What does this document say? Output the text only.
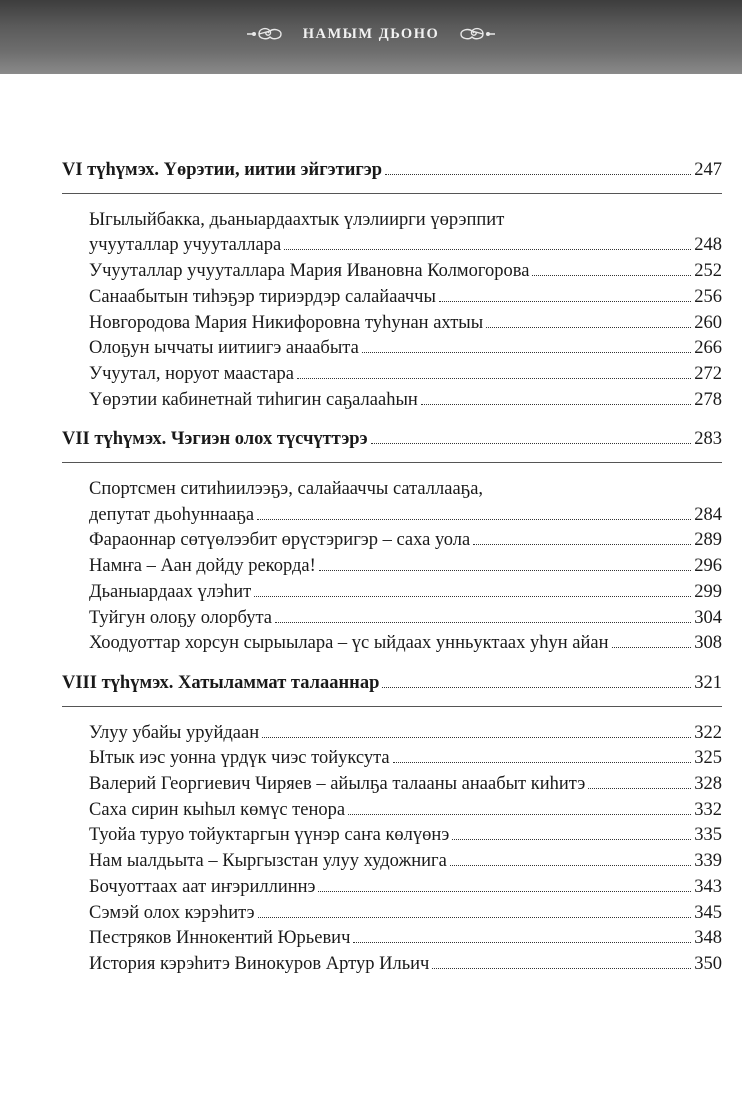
НАМЫМ ДЬОНО
VI түһүмэх. Үөрэтии, иитии эйгэтигэр	247
Ыгылыйбакка, дьаныардаахтык үлэлиирги үөрэппит
учууталлар учууталлара	248
Учууталлар учууталлара Мария Ивановна Колмогорова	252
Санаабытын тиһэҕэр тириэрдэр салайааччы	256
Новгородова Мария Никифоровна туһунан ахтыы	260
Олоҕун ыччаты иитиигэ анаабыта	266
Учуутал, норуот маастара	272
Үөрэтии кабинетнай тиһигин саҕалааһын	278
VII түһүмэх. Чэгиэн олох түсчүттэрэ	283
Спортсмен ситиһиилээҕэ, салайааччы саталлааҕа,
депутат дьоһуннааҕа	284
Фараоннар сөтүөлээбит өрүстэригэр – саха уола	289
Намҥа – Аан дойду рекорда!	296
Дьаныардаах үлэһит	299
Туйгун олоҕу олорбута	304
Хоодуоттар хорсун сырыылара – үс ыйдаах унньуктаах уһун айан	308
VIII түһүмэх. Хатыламмат талааннар	321
Улуу убайы уруйдаан	322
Ытык иэс уонна үрдүк чиэс тойуксута	325
Валерий Георгиевич Чиряев – айылҕа талааны анаабыт киһитэ	328
Саха сирин кыһыл көмүс тенора	332
Туойа туруо тойуктаргын үүнэр саҥа көлүөнэ	335
Нам ыалдьыта – Кыргызстан улуу художнига	339
Бочуоттаах аат иҥэриллиннэ	343
Сэмэй олох кэрэһитэ	345
Пестряков Иннокентий Юрьевич	348
История кэрэһитэ Винокуров Артур Ильич	350
